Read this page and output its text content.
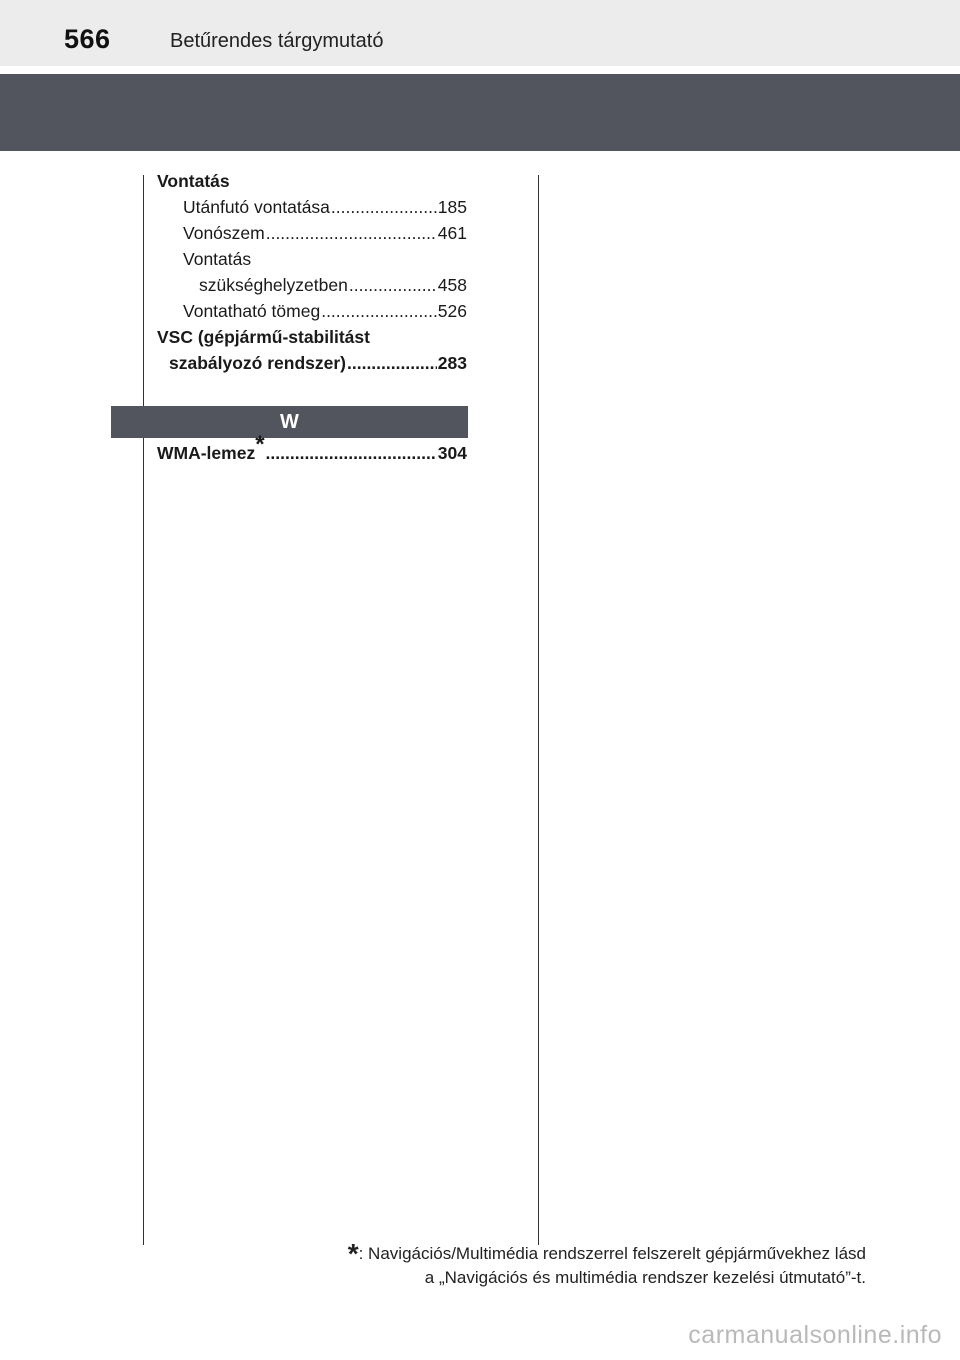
566	Betűrendes tárgymutató
Vontatás
Utánfutó vontatása .....	185
Vonószem .....	461
Vontatás
szükséghelyzetben .....	458
Vontatható tömeg .....	526
VSC (gépjármű-stabilitást
szabályozó rendszer) .....	283
W
WMA-lemez* .....	304
*: Navigációs/Multimédia rendszerrel felszerelt gépjárművekhez lásd
a „Navigációs és multimédia rendszer kezelési útmutató”-t.
carmanualsonline.info
